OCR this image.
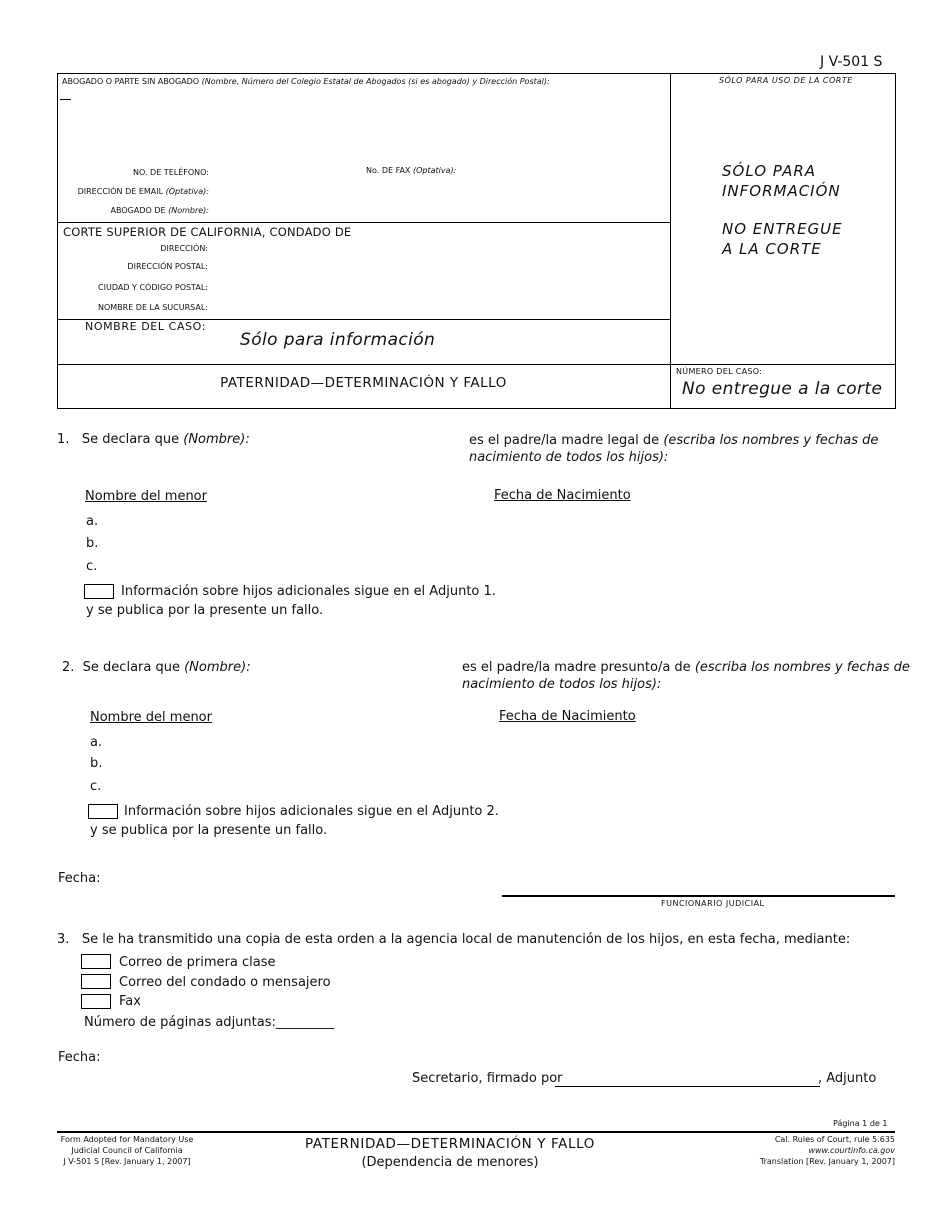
J V-501 S
ABOGADO O PARTE SIN ABOGADO (Nombre, Número del Colegio Estatal de Abogados (si es abogado) y Dirección Postal):	SÓLO PARA USO DE LA CORTE
NO. DE TELÉFONO:	No. DE FAX (Optativa):
DIRECCIÓN DE EMAIL (Optativa):
ABOGADO DE (Nombre):
CORTE SUPERIOR DE CALIFORNIA, CONDADO DE
DIRECCIÓN:
DIRECCIÓN POSTAL:
CIUDAD Y CÓDIGO POSTAL:
NOMBRE DE LA SUCURSAL:
NOMBRE DEL CASO:
Sólo para información
SÓLO PARA
INFORMACIÓN
NO ENTREGUE
A LA CORTE
PATERNIDAD—DETERMINACIÓN Y FALLO
NÚMERO DEL CASO:
No entregue a la corte
1. Se declara que (Nombre):	es el padre/la madre legal de (escriba los nombres y fechas de
nacimiento de todos los hijos):
Nombre del menor	Fecha de Nacimiento
a.
b.
c.
Información sobre hijos adicionales sigue en el Adjunto 1.
y se publica por la presente un fallo.
2. Se declara que (Nombre):	es el padre/la madre presunto/a de (escriba los nombres y fechas de
nacimiento de todos los hijos):
Nombre del menor	Fecha de Nacimiento
a.
b.
c.
Información sobre hijos adicionales sigue en el Adjunto 2.
y se publica por la presente un fallo.
Fecha:
FUNCIONARIO JUDICIAL
3. Se le ha transmitido una copia de esta orden a la agencia local de manutención de los hijos, en esta fecha, mediante:
Correo de primera clase
Correo del condado o mensajero
Fax
Número de páginas adjuntas:_________
Fecha:
Secretario, firmado por	, Adjunto
Página 1 de 1
Form Adopted for Mandatory Use
Judicial Council of California
J V-501 S [Rev. January 1, 2007]
PATERNIDAD—DETERMINACIÓN Y FALLO
(Dependencia de menores)
Cal. Rules of Court, rule 5.635
www.courtinfo.ca.gov
Translation [Rev. January 1, 2007]
